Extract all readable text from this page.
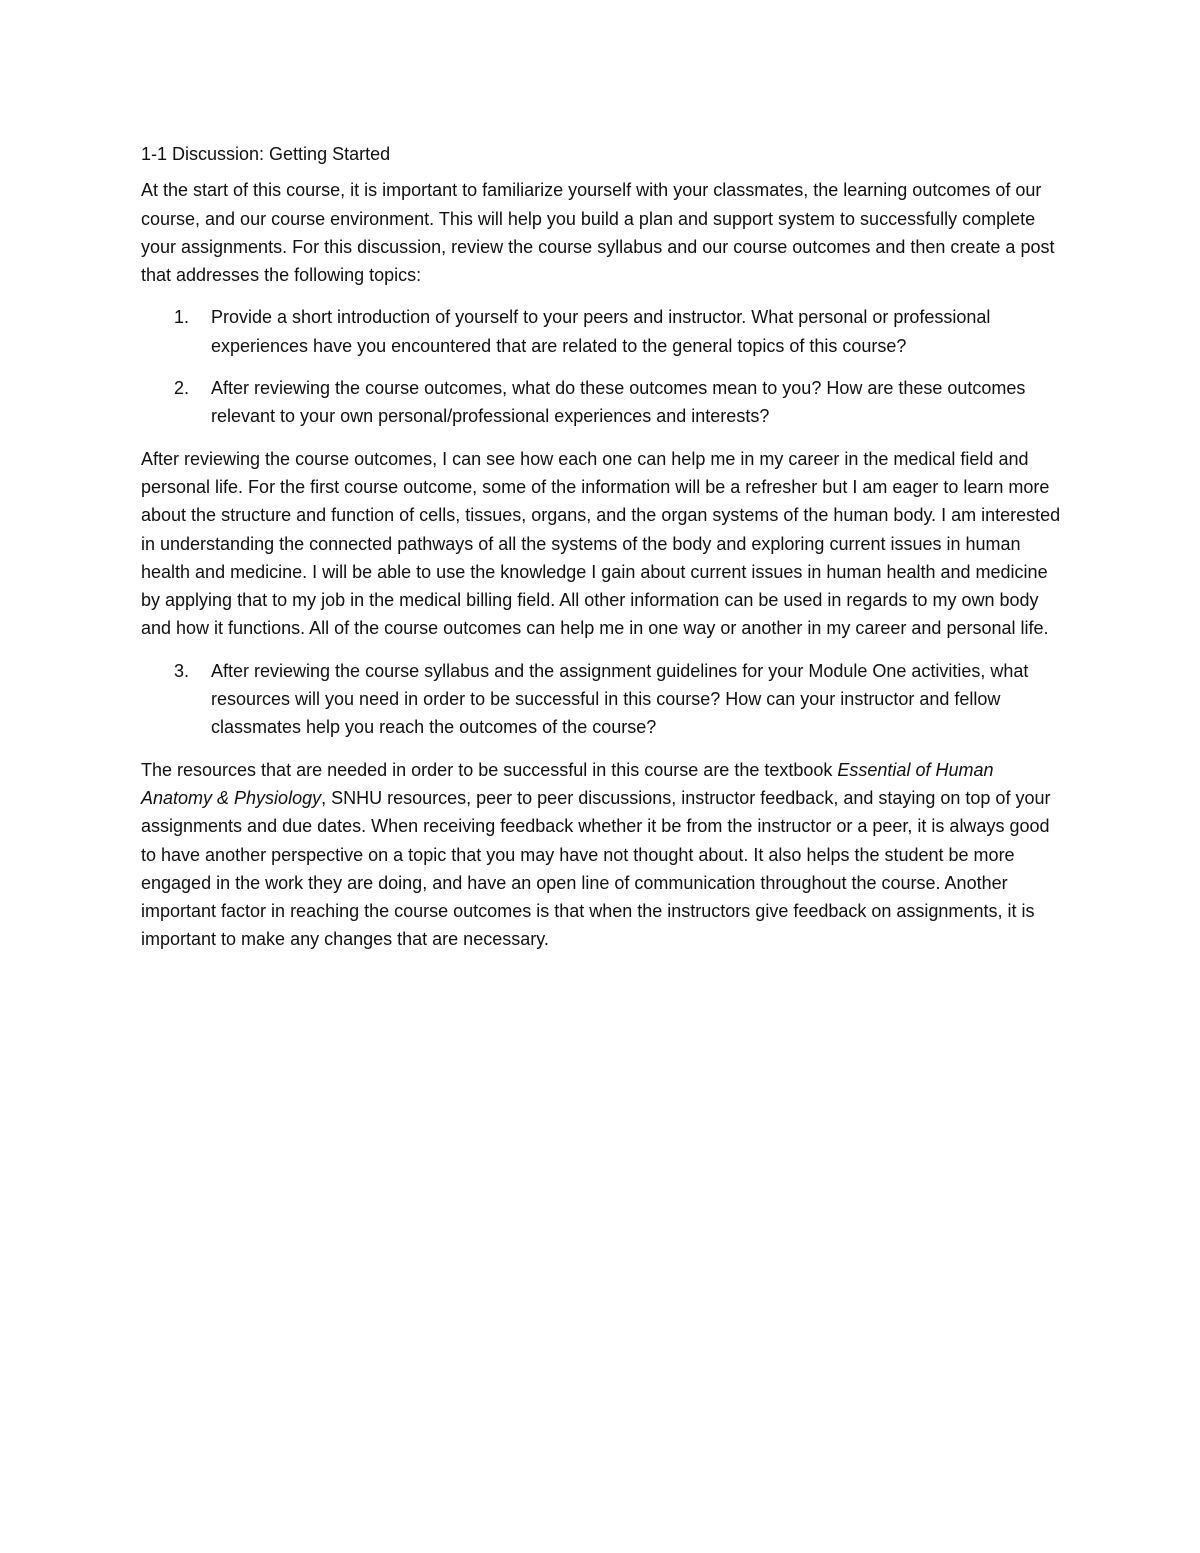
1-1 Discussion: Getting Started

At the start of this course, it is important to familiarize yourself with your classmates, the learning outcomes of our course, and our course environment. This will help you build a plan and support system to successfully complete your assignments. For this discussion, review the course syllabus and our course outcomes and then create a post that addresses the following topics:

1. Provide a short introduction of yourself to your peers and instructor. What personal or professional experiences have you encountered that are related to the general topics of this course?
2. After reviewing the course outcomes, what do these outcomes mean to you? How are these outcomes relevant to your own personal/professional experiences and interests?

After reviewing the course outcomes, I can see how each one can help me in my career in the medical field and personal life. For the first course outcome, some of the information will be a refresher but I am eager to learn more about the structure and function of cells, tissues, organs, and the organ systems of the human body. I am interested in understanding the connected pathways of all the systems of the body and exploring current issues in human health and medicine. I will be able to use the knowledge I gain about current issues in human health and medicine by applying that to my job in the medical billing field. All other information can be used in regards to my own body and how it functions. All of the course outcomes can help me in one way or another in my career and personal life.

3. After reviewing the course syllabus and the assignment guidelines for your Module One activities, what resources will you need in order to be successful in this course? How can your instructor and fellow classmates help you reach the outcomes of the course?

The resources that are needed in order to be successful in this course are the textbook Essential of Human Anatomy & Physiology, SNHU resources, peer to peer discussions, instructor feedback, and staying on top of your assignments and due dates. When receiving feedback whether it be from the instructor or a peer, it is always good to have another perspective on a topic that you may have not thought about. It also helps the student be more engaged in the work they are doing, and have an open line of communication throughout the course. Another important factor in reaching the course outcomes is that when the instructors give feedback on assignments, it is important to make any changes that are necessary.
